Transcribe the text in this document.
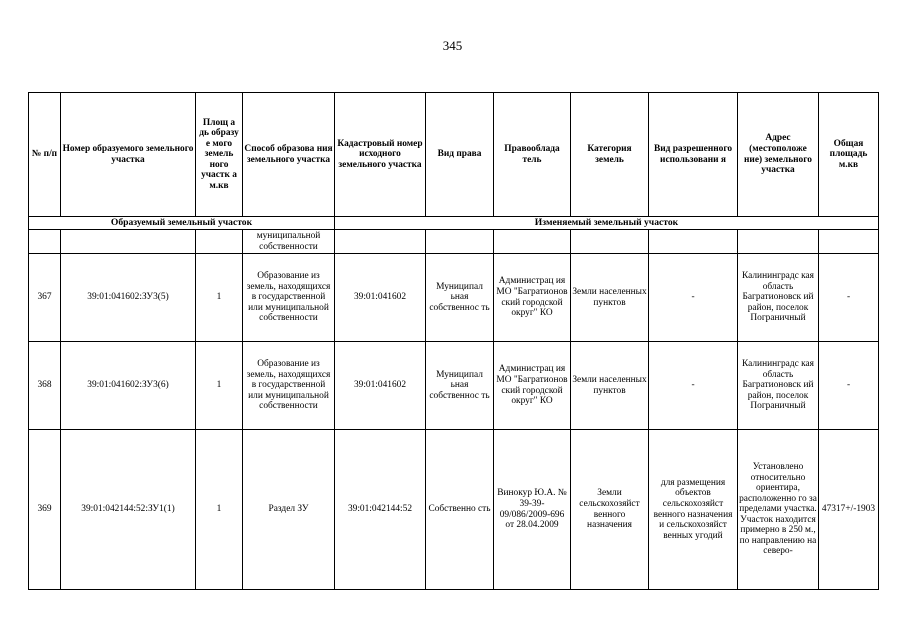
345
№ п/п	Номер образуемого земельного участка	Площ а дь образу е мого земель ного участк а м.кв	Способ образова ния земельного участка	Кадастровый номер исходного земельного участка	Вид права	Правооблада тель	Категория земель	Вид разрешенного использовани я	Адрес (местоположе ние) земельного участка	Общая площадь м.кв
Образуемый земельный участок				Изменяемый земельный участок						
			муниципальной собственности							
367	39:01:041602:ЗУ3(5)	1	Образование из земель, находящихся в государственной или муниципальной собственности	39:01:041602	Муниципал ьная собственнос ть	Администрац ия МО "Багратионов ский городской округ" КО	Земли населенных пунктов	-	Калининградс кая область Багратионовск ий район, поселок Пограничный	-
368	39:01:041602:ЗУ3(6)	1	Образование из земель, находящихся в государственной или муниципальной собственности	39:01:041602	Муниципал ьная собственнос ть	Администрац ия МО "Багратионов ский городской округ" КО	Земли населенных пунктов	-	Калининградс кая область Багратионовск ий район, поселок Пограничный	-
369	39:01:042144:52:ЗУ1(1)	1	Раздел ЗУ	39:01:042144:52	Собственно сть	Винокур Ю.А. № 39-39-09/086/2009-696 от 28.04.2009	Земли сельскохозяйст венного назначения	для размещения объектов сельскохозяйст венного назначения и сельскохозяйст венных угодий	Установлено относительно ориентира, расположенно го за пределами участка. Участок находится примерно в 250 м., по направлению на северо-	47317+/-1903
